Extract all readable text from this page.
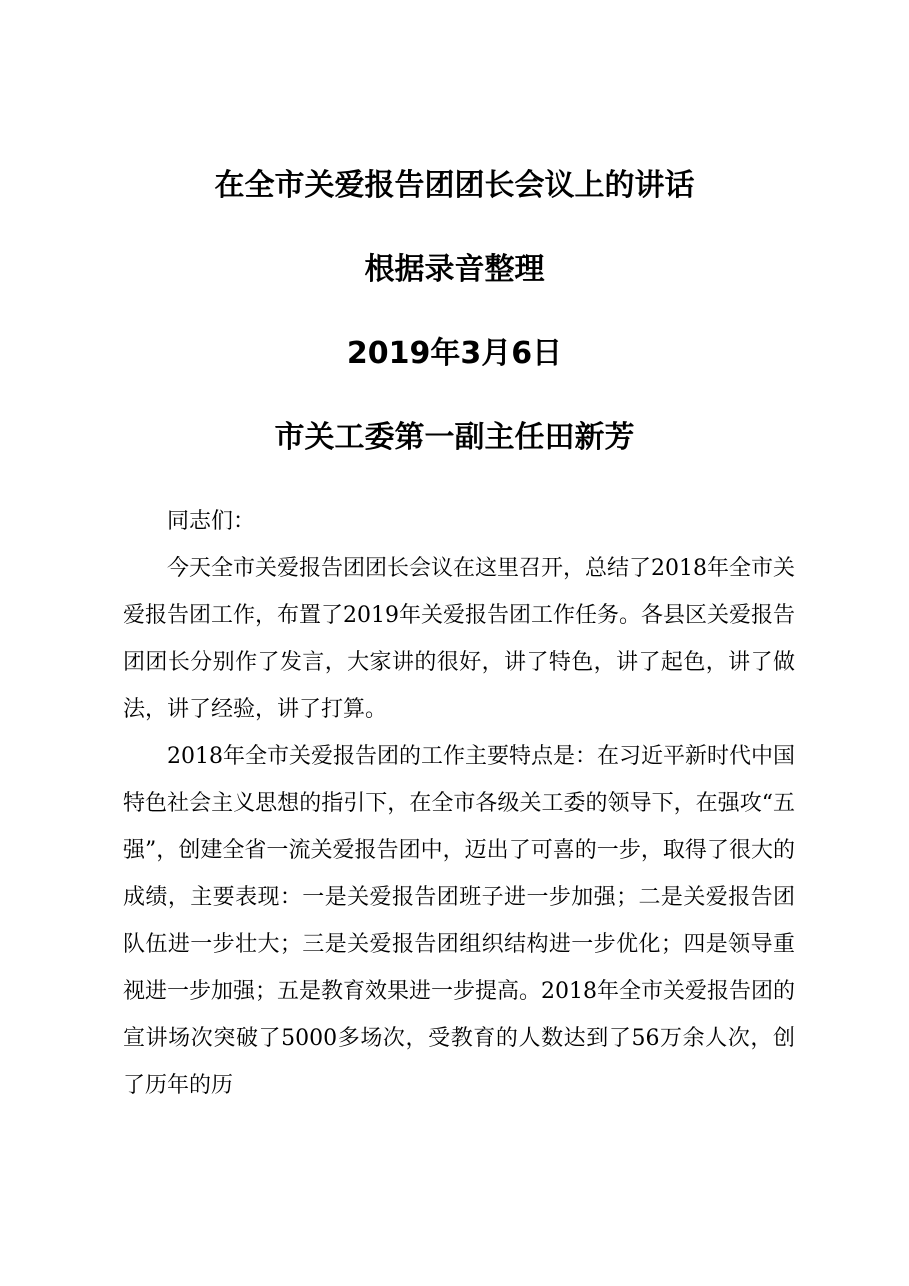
在全市关爱报告团团长会议上的讲话
根据录音整理
2019年3月6日
市关工委第一副主任田新芳

同志们：

今天全市关爱报告团团长会议在这里召开，总结了2018年全市关爱报告团工作，布置了2019年关爱报告团工作任务。各县区关爱报告团团长分别作了发言，大家讲的很好，讲了特色，讲了起色，讲了做法，讲了经验，讲了打算。

2018年全市关爱报告团的工作主要特点是：在习近平新时代中国特色社会主义思想的指引下，在全市各级关工委的领导下，在强攻“五强”，创建全省一流关爱报告团中，迈出了可喜的一步，取得了很大的成绩，主要表现：一是关爱报告团班子进一步加强；二是关爱报告团队伍进一步壮大；三是关爱报告团组织结构进一步优化；四是领导重视进一步加强；五是教育效果进一步提高。2018年全市关爱报告团的宣讲场次突破了5000多场次，受教育的人数达到了56万余人次，创了历年的历
